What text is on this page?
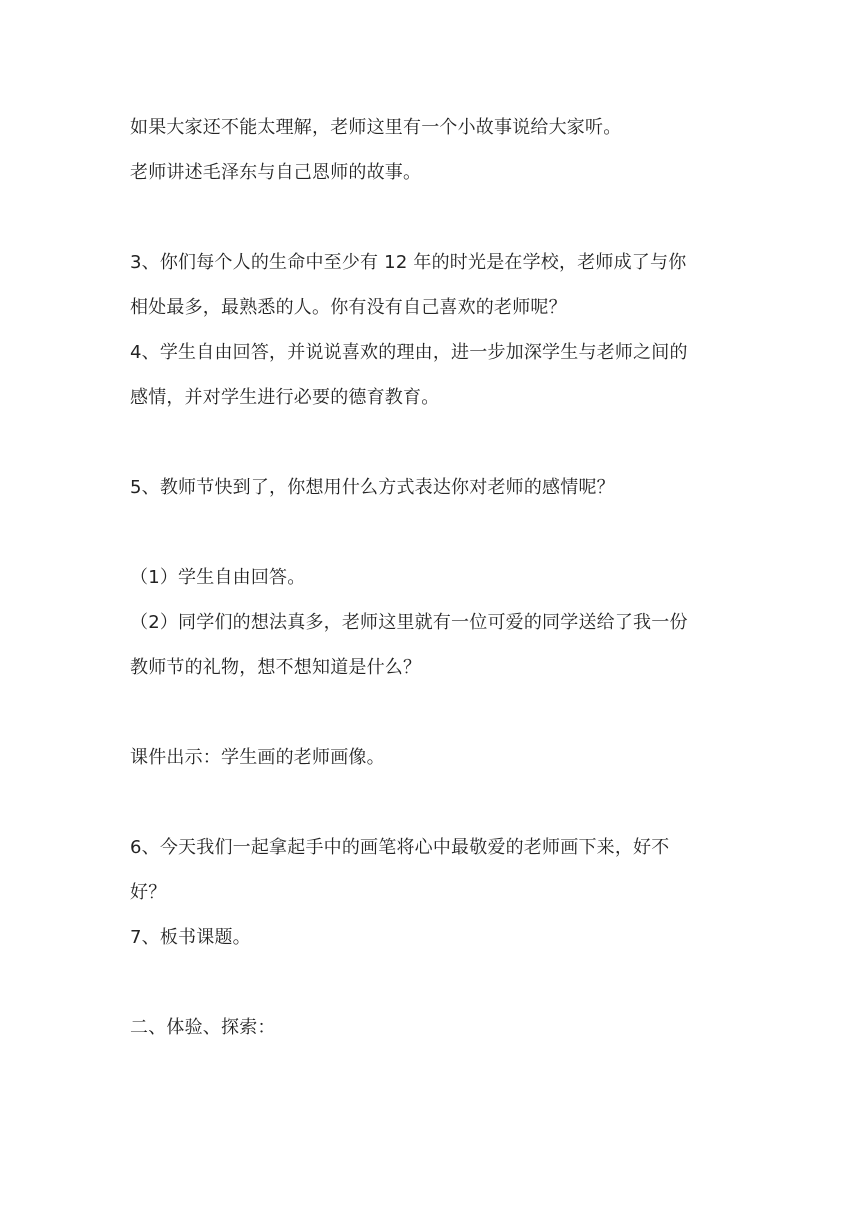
如果大家还不能太理解，老师这里有一个小故事说给大家听。
老师讲述毛泽东与自己恩师的故事。
3、你们每个人的生命中至少有 12 年的时光是在学校，老师成了与你
相处最多，最熟悉的人。你有没有自己喜欢的老师呢？
4、学生自由回答，并说说喜欢的理由，进一步加深学生与老师之间的
感情，并对学生进行必要的德育教育。
5、教师节快到了，你想用什么方式表达你对老师的感情呢？
（1）学生自由回答。
（2）同学们的想法真多，老师这里就有一位可爱的同学送给了我一份
教师节的礼物，想不想知道是什么？
课件出示：学生画的老师画像。
6、今天我们一起拿起手中的画笔将心中最敬爱的老师画下来，好不
好？
7、板书课题。
二、体验、探索：
